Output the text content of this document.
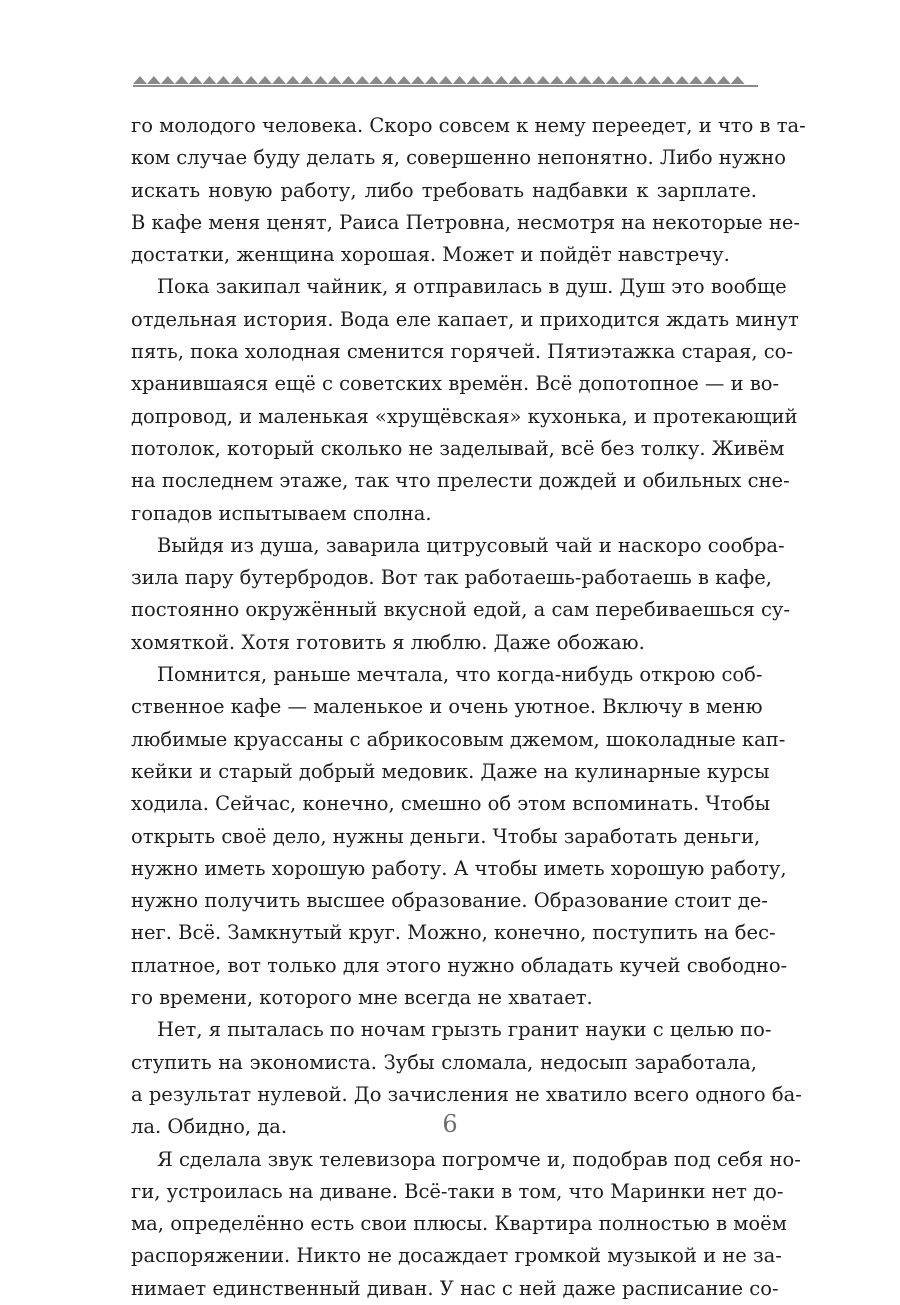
го молодого человека. Скоро совсем к нему переедет, и что в та-
ком случае буду делать я, совершенно непонятно. Либо нужно
искать новую работу, либо требовать надбавки к зарплате.
В кафе меня ценят, Раиса Петровна, несмотря на некоторые не-
достатки, женщина хорошая. Может и пойдёт навстречу.
Пока закипал чайник, я отправилась в душ. Душ это вообще
отдельная история. Вода еле капает, и приходится ждать минут
пять, пока холодная сменится горячей. Пятиэтажка старая, со-
хранившаяся ещё с советских времён. Всё допотопное — и во-
допровод, и маленькая «хрущёвская» кухонька, и протекающий
потолок, который сколько не заделывай, всё без толку. Живём
на последнем этаже, так что прелести дождей и обильных сне-
гопадов испытываем сполна.
Выйдя из душа, заварила цитрусовый чай и наскоро сообра-
зила пару бутербродов. Вот так работаешь-работаешь в кафе,
постоянно окружённый вкусной едой, а сам перебиваешься су-
хомяткой. Хотя готовить я люблю. Даже обожаю.
Помнится, раньше мечтала, что когда-нибудь открою соб-
ственное кафе — маленькое и очень уютное. Включу в меню
любимые круассаны с абрикосовым джемом, шоколадные кап-
кейки и старый добрый медовик. Даже на кулинарные курсы
ходила. Сейчас, конечно, смешно об этом вспоминать. Чтобы
открыть своё дело, нужны деньги. Чтобы заработать деньги,
нужно иметь хорошую работу. А чтобы иметь хорошую работу,
нужно получить высшее образование. Образование стоит де-
нег. Всё. Замкнутый круг. Можно, конечно, поступить на бес-
платное, вот только для этого нужно обладать кучей свободно-
го времени, которого мне всегда не хватает.
Нет, я пыталась по ночам грызть гранит науки с целью по-
ступить на экономиста. Зубы сломала, недосып заработала,
а результат нулевой. До зачисления не хватило всего одного ба-
ла. Обидно, да.
Я сделала звук телевизора погромче и, подобрав под себя но-
ги, устроилась на диване. Всё-таки в том, что Маринки нет до-
ма, определённо есть свои плюсы. Квартира полностью в моём
распоряжении. Никто не досаждает громкой музыкой и не за-
нимает единственный диван. У нас с ней даже расписание со-
6
